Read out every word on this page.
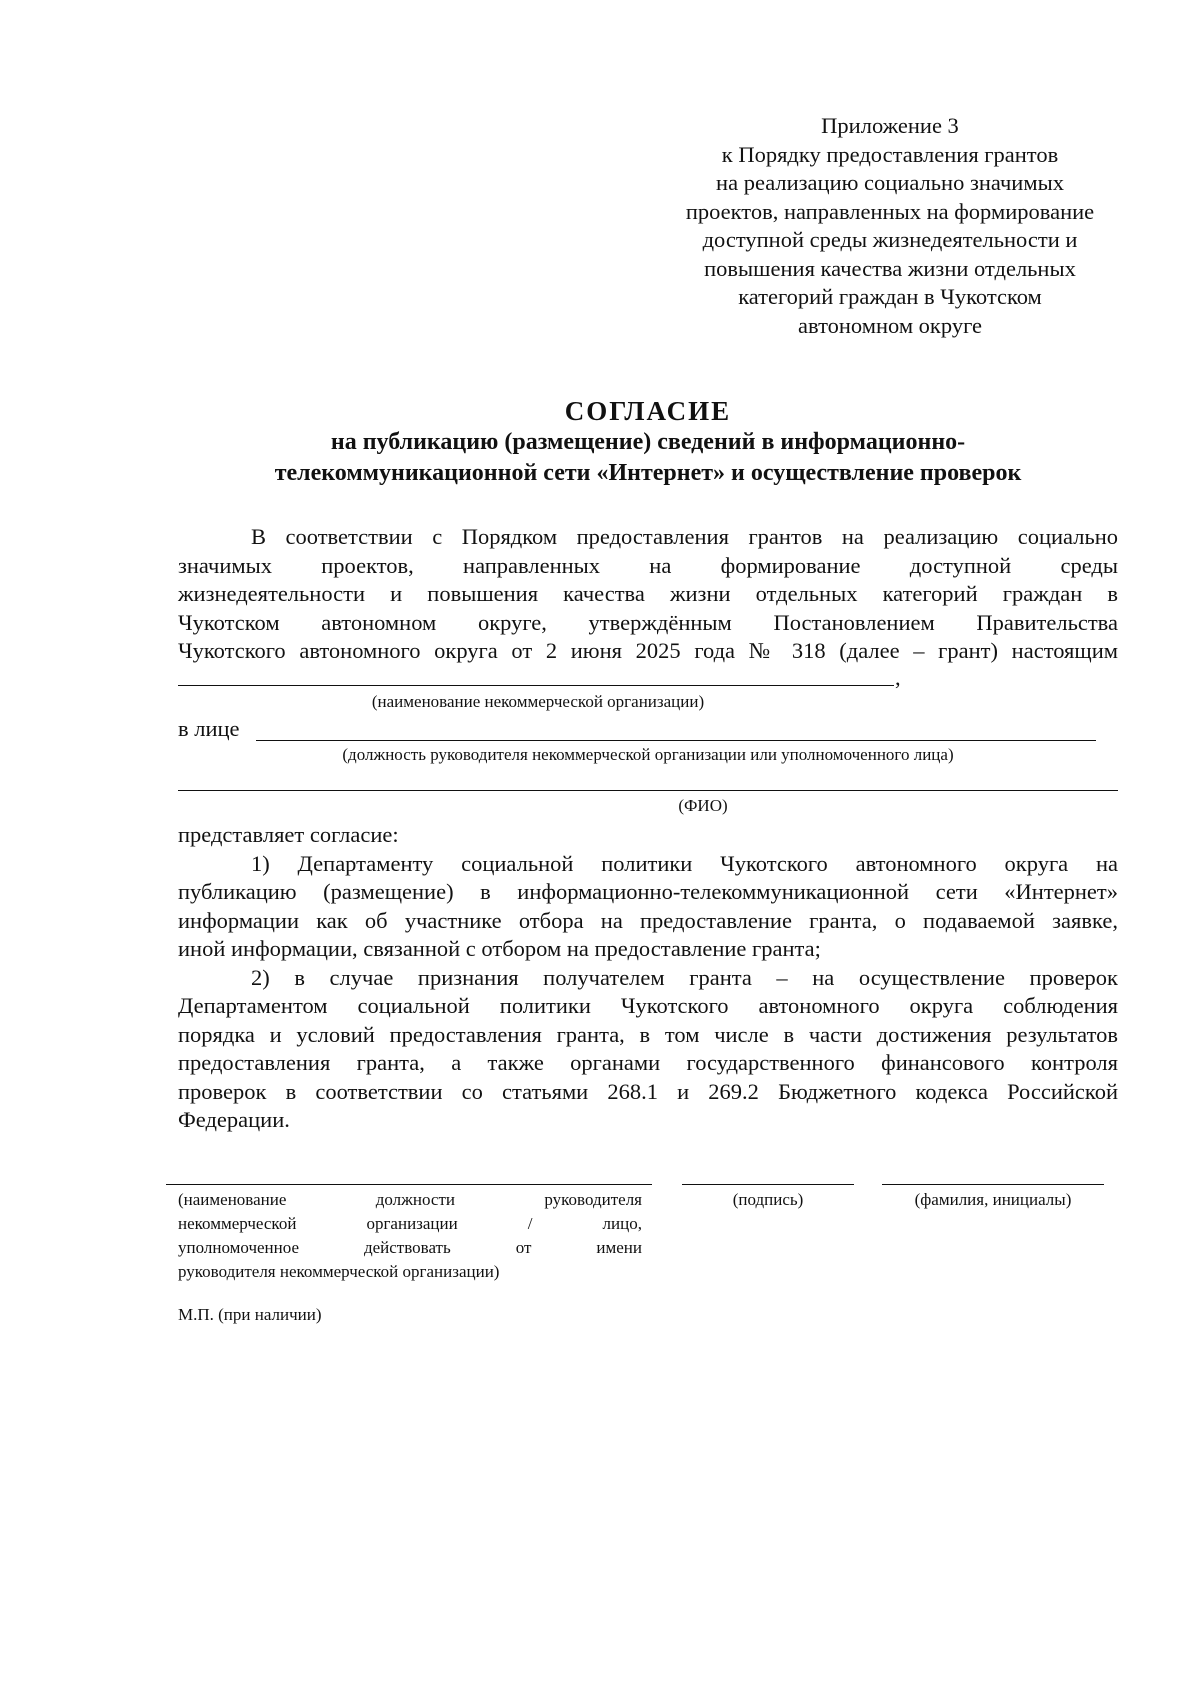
Приложение 3
к Порядку предоставления грантов
на реализацию социально значимых
проектов, направленных на формирование
доступной среды жизнедеятельности и
повышения качества жизни отдельных
категорий граждан в Чукотском
автономном округе
СОГЛАСИЕ
на публикацию (размещение) сведений в информационно-
телекоммуникационной сети «Интернет» и осуществление проверок
В соответствии с Порядком предоставления грантов на реализацию социально
значимых проектов, направленных на формирование доступной среды
жизнедеятельности и повышения качества жизни отдельных категорий граждан в
Чукотском автономном округе, утверждённым Постановлением Правительства
Чукотского автономного округа от 2 июня 2025 года № 318 (далее – грант) настоящим
,
(наименование некоммерческой организации)
в лице
(должность руководителя некоммерческой организации или уполномоченного лица)
(ФИО)
представляет согласие:
1) Департаменту социальной политики Чукотского автономного округа на
публикацию (размещение) в информационно-телекоммуникационной сети «Интернет»
информации как об участнике отбора на предоставление гранта, о подаваемой заявке,
иной информации, связанной с отбором на предоставление гранта;
2) в случае признания получателем гранта – на осуществление проверок
Департаментом социальной политики Чукотского автономного округа соблюдения
порядка и условий предоставления гранта, в том числе в части достижения результатов
предоставления гранта, а также органами государственного финансового контроля
проверок в соответствии со статьями 268.1 и 269.2 Бюджетного кодекса Российской
Федерации.
(наименование должности руководителя
некоммерческой организации / лицо,
уполномоченное действовать от имени
руководителя некоммерческой организации)
(подпись)	(фамилия, инициалы)
М.П. (при наличии)
